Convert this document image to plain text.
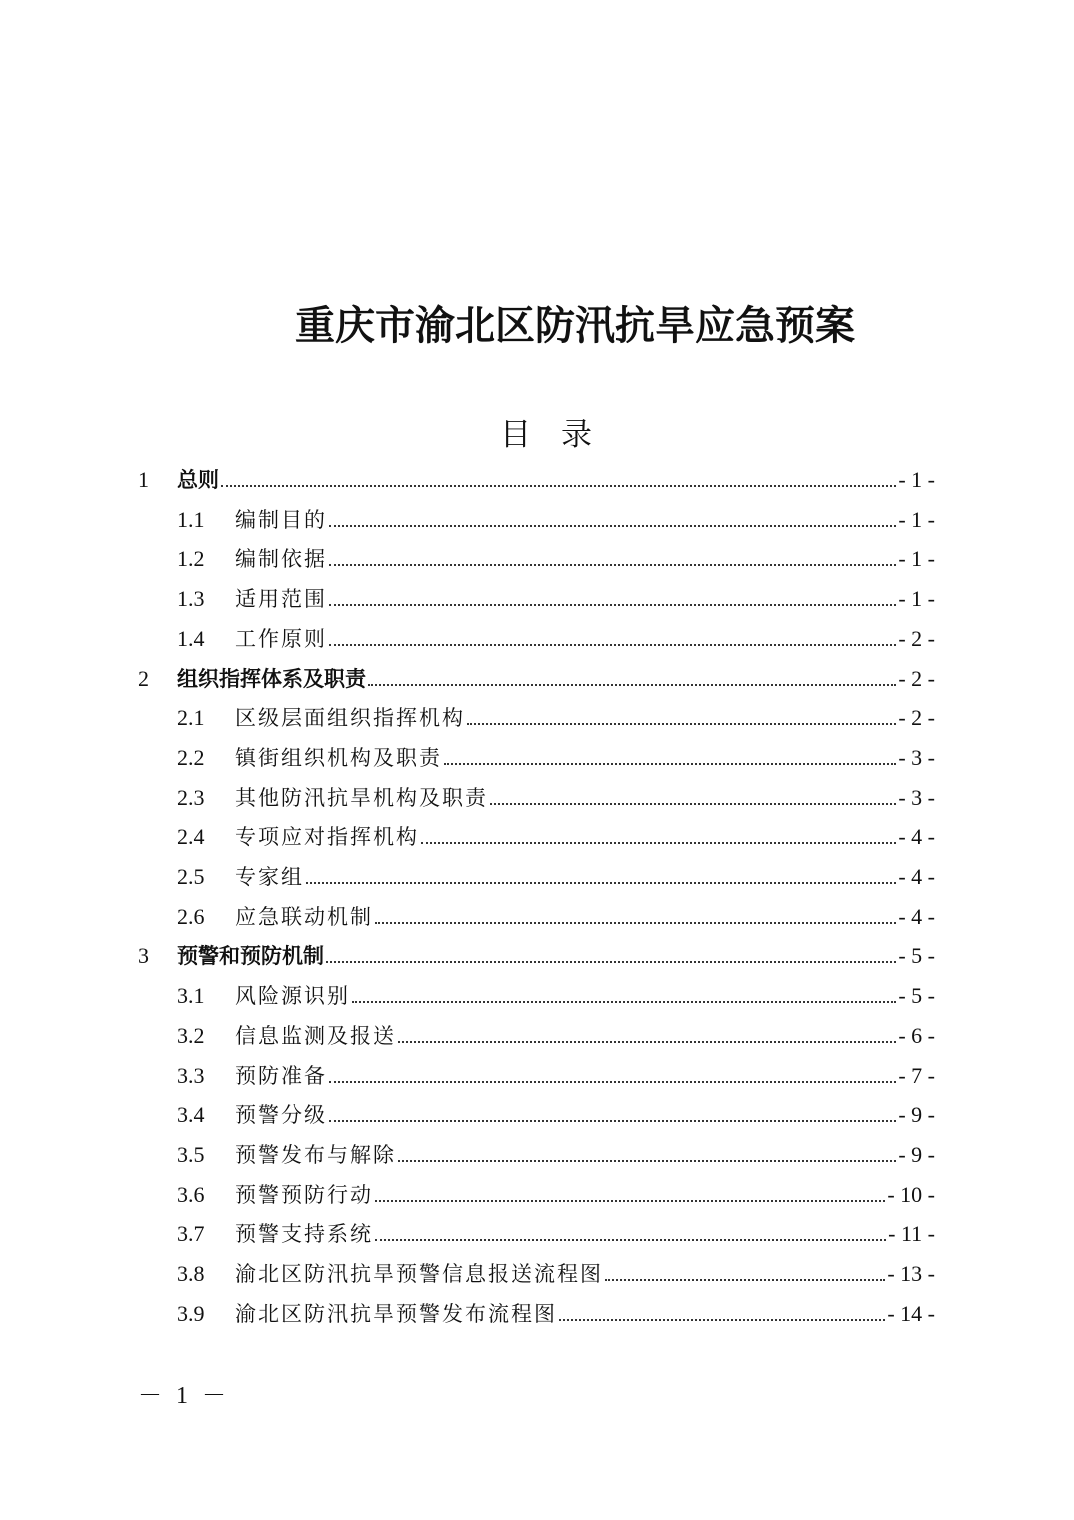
重庆市渝北区防汛抗旱应急预案
目 录
1 总则	- 1 -
1.1 编制目的	- 1 -
1.2 编制依据	- 1 -
1.3 适用范围	- 1 -
1.4 工作原则	- 2 -
2 组织指挥体系及职责	- 2 -
2.1 区级层面组织指挥机构	- 2 -
2.2 镇街组织机构及职责	- 3 -
2.3 其他防汛抗旱机构及职责	- 3 -
2.4 专项应对指挥机构	- 4 -
2.5 专家组	- 4 -
2.6 应急联动机制	- 4 -
3 预警和预防机制	- 5 -
3.1 风险源识别	- 5 -
3.2 信息监测及报送	- 6 -
3.3 预防准备	- 7 -
3.4 预警分级	- 9 -
3.5 预警发布与解除	- 9 -
3.6 预警预防行动	- 10 -
3.7 预警支持系统	- 11 -
3.8 渝北区防汛抗旱预警信息报送流程图	- 13 -
3.9 渝北区防汛抗旱预警发布流程图	- 14 -
－ 1 －
